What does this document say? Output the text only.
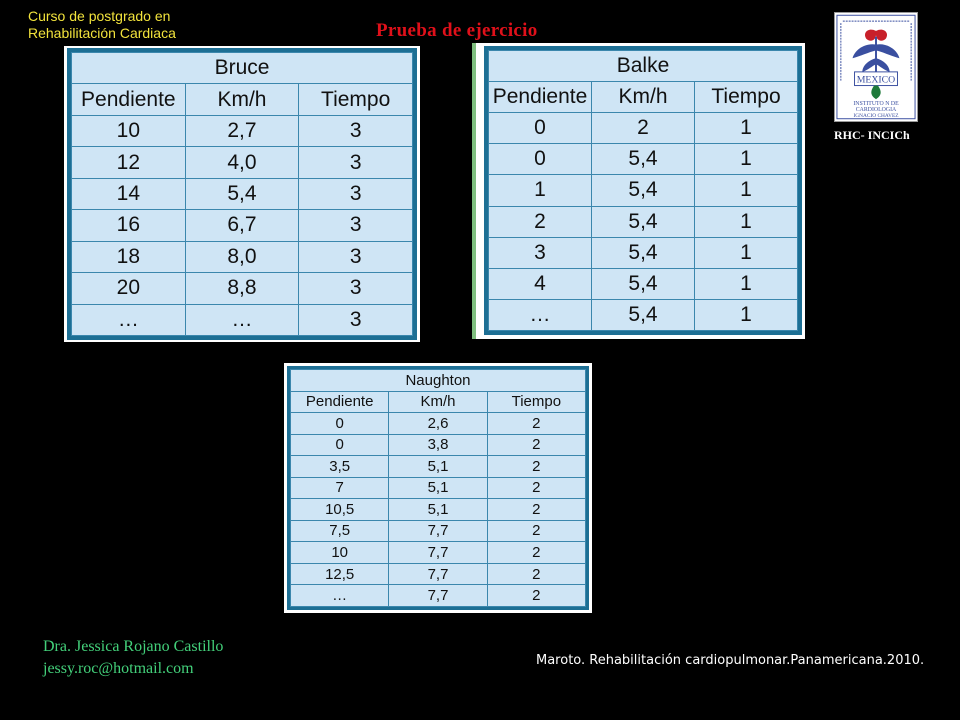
Curso de postgrado en
Rehabilitación Cardiaca	Prueba de ejercicio
MEXICO
INSTITUTO N DE
CARDIOLOGIA
IGNACIO CHAVEZ
RHC- INCICh
Bruce		
Pendiente	Km/h	Tiempo
10	2,7	3
12	4,0	3
14	5,4	3
16	6,7	3
18	8,0	3
20	8,8	3
…	…	3
Balke		
Pendiente	Km/h	Tiempo
0	2	1
0	5,4	1
1	5,4	1
2	5,4	1
3	5,4	1
4	5,4	1
…	5,4	1
Naughton		
Pendiente	Km/h	Tiempo
0	2,6	2
0	3,8	2
3,5	5,1	2
7	5,1	2
10,5	5,1	2
7,5	7,7	2
10	7,7	2
12,5	7,7	2
…	7,7	2
Dra. Jessica Rojano Castillo
jessy.roc@hotmail.com	Maroto. Rehabilitación cardiopulmonar.Panamericana.2010.
